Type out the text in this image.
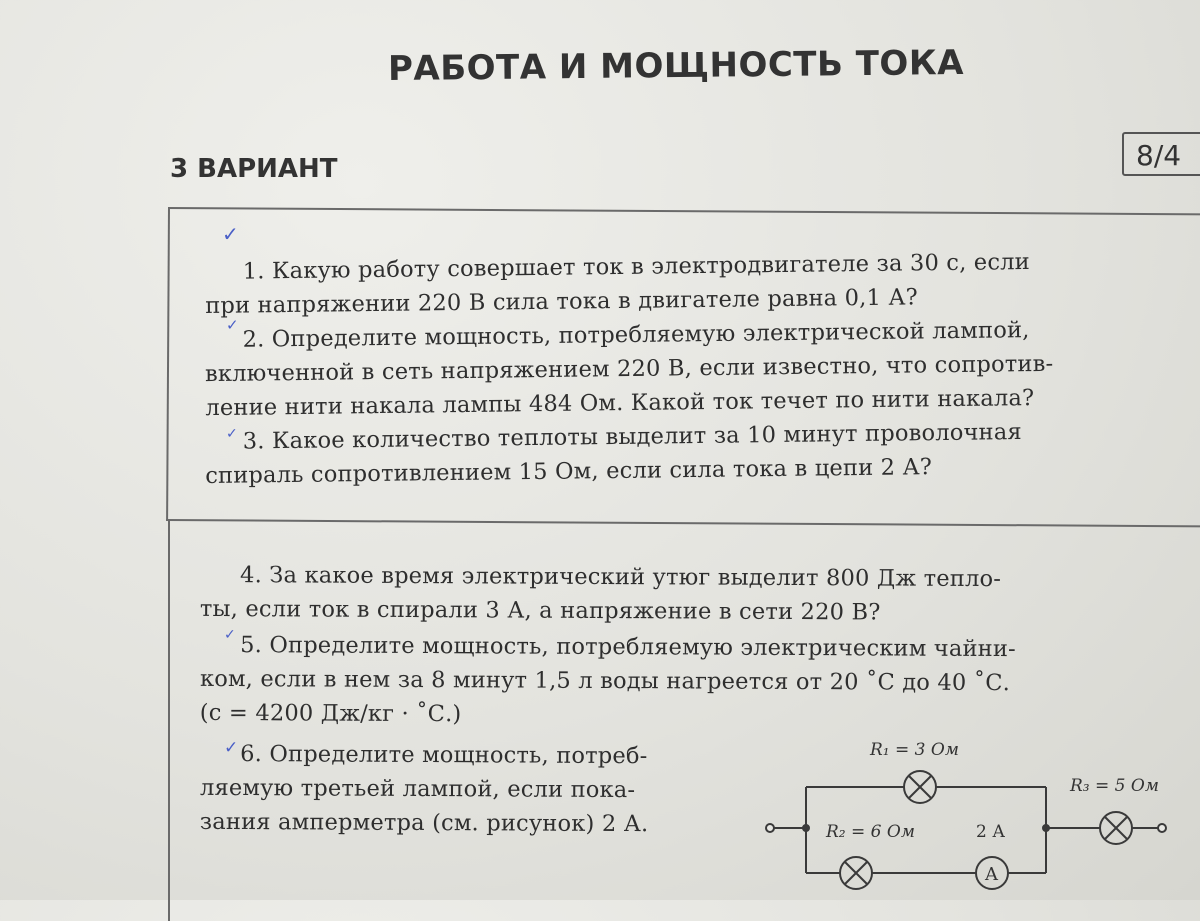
РАБОТА И МОЩНОСТЬ ТОКА
3 ВАРИАНТ	8/4
✓
✓
✓
✓
✓
1. Какую работу совершает ток в электродвигателе за 30 с, если
при напряжении 220 В сила тока в двигателе равна 0,1 А?
2. Определите мощность, потребляемую электрической лампой,
включенной в сеть напряжением 220 В, если известно, что сопротив-
ление нити накала лампы 484 Ом. Какой ток течет по нити накала?
3. Какое количество теплоты выделит за 10 минут проволочная
спираль сопротивлением 15 Ом, если сила тока в цепи 2 А?
4. За какое время электрический утюг выделит 800 Дж тепло-
ты, если ток в спирали 3 А, а напряжение в сети 220 В?
5. Определите мощность, потребляемую электрическим чайни-
ком, если в нем за 8 минут 1,5 л воды нагреется от 20 ˚С до 40 ˚С.
(с = 4200 Дж/кг · ˚С.)
6. Определите мощность, потреб-
ляемую третьей лампой, если пока-
зания амперметра (см. рисунок) 2 А.
R₁ = 3 Ом
R₂ = 6 Ом
R₃ = 5 Ом
2 А
A
